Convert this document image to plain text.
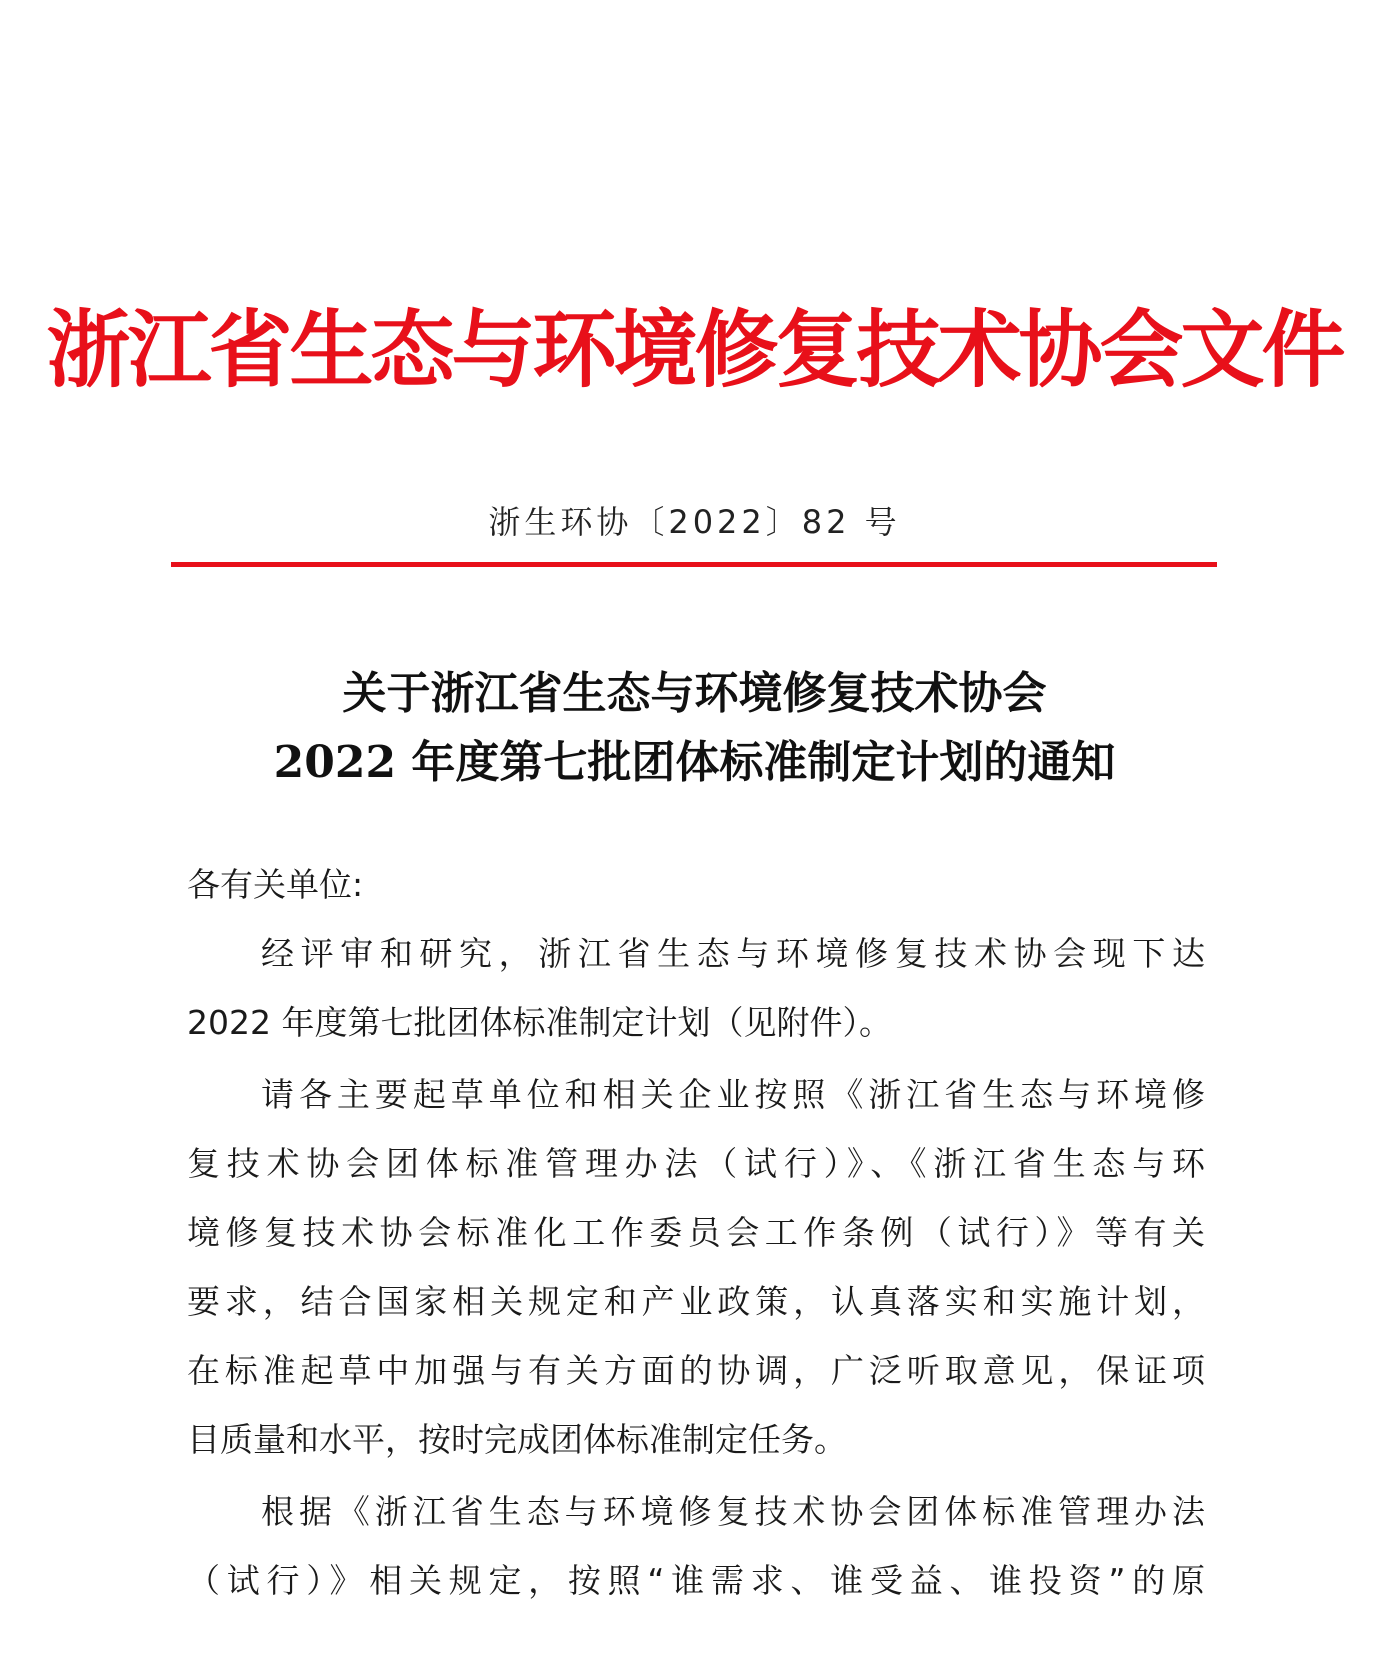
浙江省生态与环境修复技术协会文件
浙生环协〔2022〕82 号
关于浙江省生态与环境修复技术协会
2022 年度第七批团体标准制定计划的通知
各有关单位:
经评审和研究，浙江省生态与环境修复技术协会现下达
2022 年度第七批团体标准制定计划（见附件）。
请各主要起草单位和相关企业按照《浙江省生态与环境修
复技术协会团体标准管理办法（试行）》、《浙江省生态与环
境修复技术协会标准化工作委员会工作条例（试行）》等有关
要求，结合国家相关规定和产业政策，认真落实和实施计划，
在标准起草中加强与有关方面的协调，广泛听取意见，保证项
目质量和水平，按时完成团体标准制定任务。
根据《浙江省生态与环境修复技术协会团体标准管理办法
（试行）》相关规定，按照“谁需求、谁受益、谁投资”的原
